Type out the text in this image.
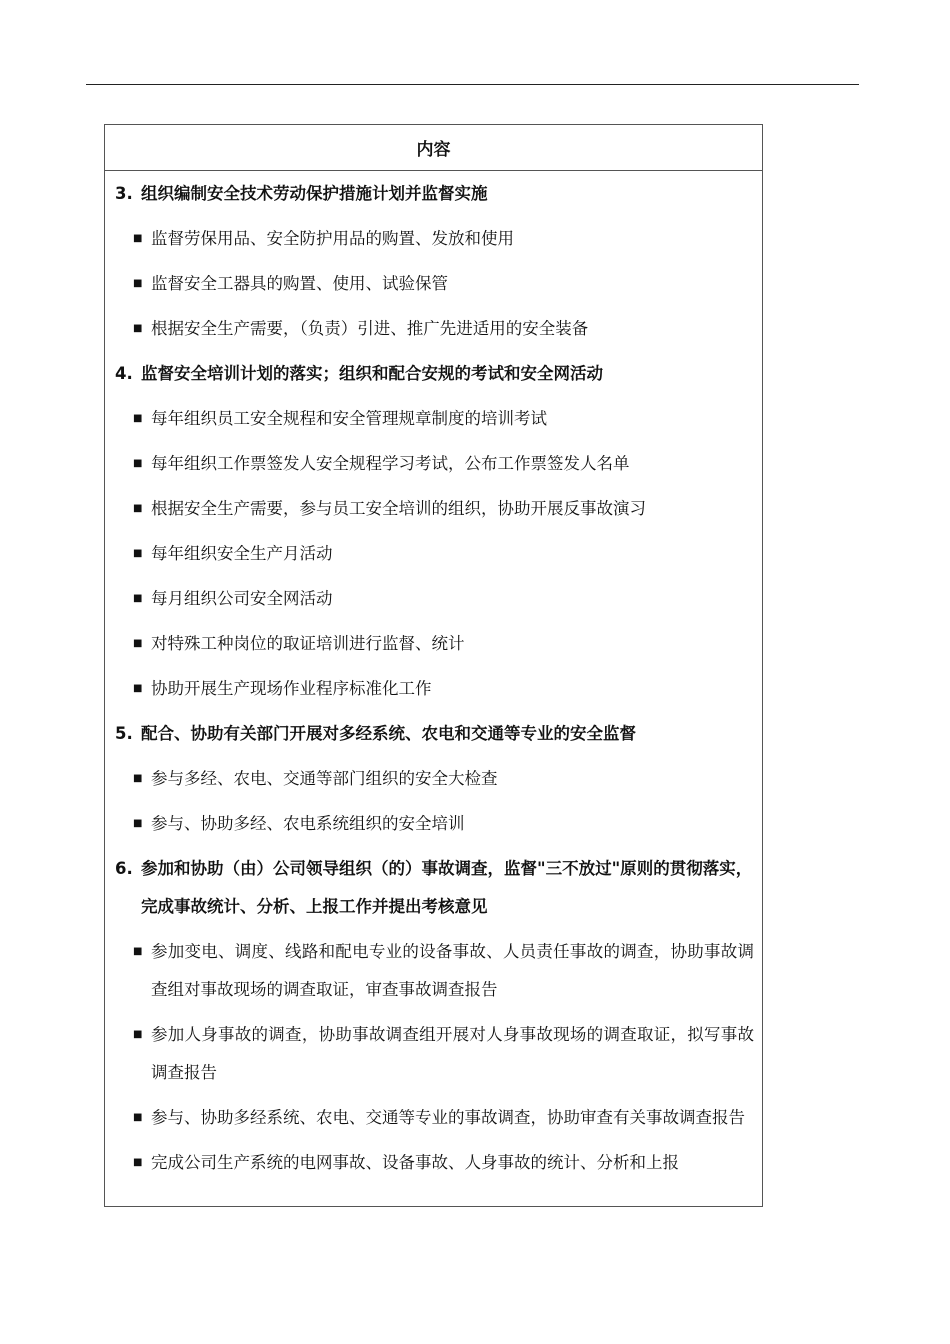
内容
3. 组织编制安全技术劳动保护措施计划并监督实施
■ 监督劳保用品、安全防护用品的购置、发放和使用
■ 监督安全工器具的购置、使用、试验保管
■ 根据安全生产需要，（负责）引进、推广先进适用的安全装备
4. 监督安全培训计划的落实；组织和配合安规的考试和安全网活动
■ 每年组织员工安全规程和安全管理规章制度的培训考试
■ 每年组织工作票签发人安全规程学习考试，公布工作票签发人名单
■ 根据安全生产需要，参与员工安全培训的组织，协助开展反事故演习
■ 每年组织安全生产月活动
■ 每月组织公司安全网活动
■ 对特殊工种岗位的取证培训进行监督、统计
■ 协助开展生产现场作业程序标准化工作
5. 配合、协助有关部门开展对多经系统、农电和交通等专业的安全监督
■ 参与多经、农电、交通等部门组织的安全大检查
■ 参与、协助多经、农电系统组织的安全培训
6. 参加和协助（由）公司领导组织（的）事故调查，监督"三不放过"原则的贯彻落实，完成事故统计、分析、上报工作并提出考核意见
■ 参加变电、调度、线路和配电专业的设备事故、人员责任事故的调查，协助事故调查组对事故现场的调查取证，审查事故调查报告
■ 参加人身事故的调查，协助事故调查组开展对人身事故现场的调查取证，拟写事故调查报告
■ 参与、协助多经系统、农电、交通等专业的事故调查，协助审查有关事故调查报告
■ 完成公司生产系统的电网事故、设备事故、人身事故的统计、分析和上报
